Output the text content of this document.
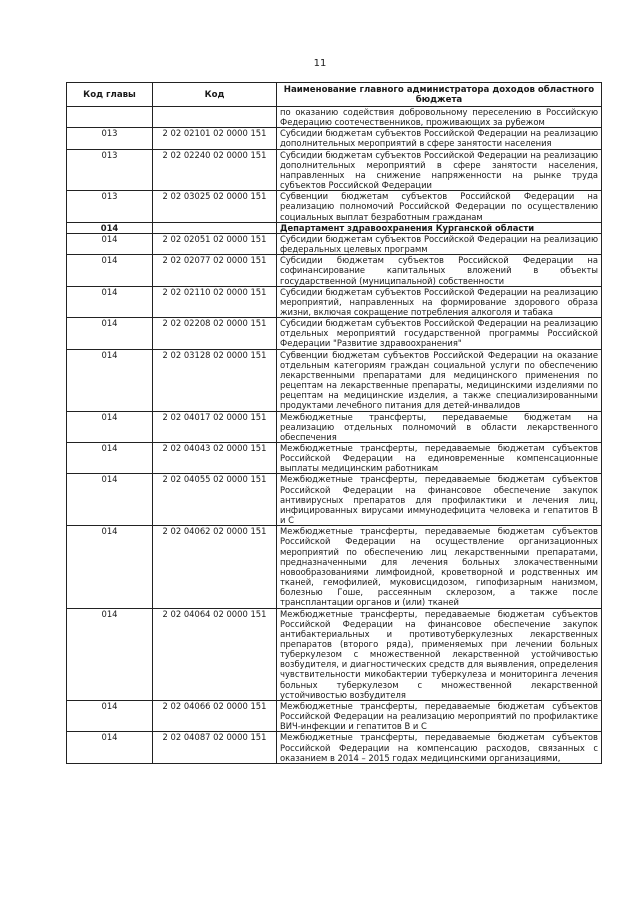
11
Код главы	Код	Наименование главного администратора доходов областного бюджета
		по оказанию содействия добровольному переселению в Российскую Федерацию соотечественников, проживающих за рубежом
013	2 02 02101 02 0000 151	Субсидии бюджетам субъектов Российской Федерации на реализацию дополнительных мероприятий в сфере занятости населения
013	2 02 02240 02 0000 151	Субсидии бюджетам субъектов Российской Федерации на реализацию дополнительных мероприятий в сфере занятости населения, направленных на снижение напряженности на рынке труда субъектов Российской Федерации
013	2 02 03025 02 0000 151	Субвенции бюджетам субъектов Российской Федерации на реализацию полномочий Российской Федерации по осуществлению социальных выплат безработным гражданам
014		Департамент здравоохранения Курганской области
014	2 02 02051 02 0000 151	Субсидии бюджетам субъектов Российской Федерации на реализацию федеральных целевых программ
014	2 02 02077 02 0000 151	Субсидии бюджетам субъектов Российской Федерации на софинансирование капитальных вложений в объекты государственной (муниципальной) собственности
014	2 02 02110 02 0000 151	Субсидии бюджетам субъектов Российской Федерации на реализацию мероприятий, направленных на формирование здорового образа жизни, включая сокращение потребления алкоголя и табака
014	2 02 02208 02 0000 151	Субсидии бюджетам субъектов Российской Федерации на реализацию отдельных мероприятий государственной программы Российской Федерации "Развитие здравоохранения"
014	2 02 03128 02 0000 151	Субвенции бюджетам субъектов Российской Федерации на оказание отдельным категориям граждан социальной услуги по обеспечению лекарственными препаратами для медицинского применения по рецептам на лекарственные препараты, медицинскими изделиями по рецептам на медицинские изделия, а также специализированными продуктами лечебного питания для детей-инвалидов
014	2 02 04017 02 0000 151	Межбюджетные трансферты, передаваемые бюджетам на реализацию отдельных полномочий в области лекарственного обеспечения
014	2 02 04043 02 0000 151	Межбюджетные трансферты, передаваемые бюджетам субъектов Российской Федерации на единовременные компенсационные выплаты медицинским работникам
014	2 02 04055 02 0000 151	Межбюджетные трансферты, передаваемые бюджетам субъектов Российской Федерации на финансовое обеспечение закупок антивирусных препаратов для профилактики и лечения лиц, инфицированных вирусами иммунодефицита человека и гепатитов В и С
014	2 02 04062 02 0000 151	Межбюджетные трансферты, передаваемые бюджетам субъектов Российской Федерации на осуществление организационных мероприятий по обеспечению лиц лекарственными препаратами, предназначенными для лечения больных злокачественными новообразованиями лимфоидной, кроветворной и родственных им тканей, гемофилией, муковисцидозом, гипофизарным нанизмом, болезнью Гоше, рассеянным склерозом, а также после трансплантации органов и (или) тканей
014	2 02 04064 02 0000 151	Межбюджетные трансферты, передаваемые бюджетам субъектов Российской Федерации на финансовое обеспечение закупок антибактериальных и противотуберкулезных лекарственных препаратов (второго ряда), применяемых при лечении больных туберкулезом с множественной лекарственной устойчивостью возбудителя, и диагностических средств для выявления, определения чувствительности микобактерии туберкулеза и мониторинга лечения больных туберкулезом с множественной лекарственной устойчивостью возбудителя
014	2 02 04066 02 0000 151	Межбюджетные трансферты, передаваемые бюджетам субъектов Российской Федерации на реализацию мероприятий по профилактике ВИЧ-инфекции и гепатитов В и С
014	2 02 04087 02 0000 151	Межбюджетные трансферты, передаваемые бюджетам субъектов Российской Федерации на компенсацию расходов, связанных с оказанием в 2014 – 2015 годах медицинскими организациями,
